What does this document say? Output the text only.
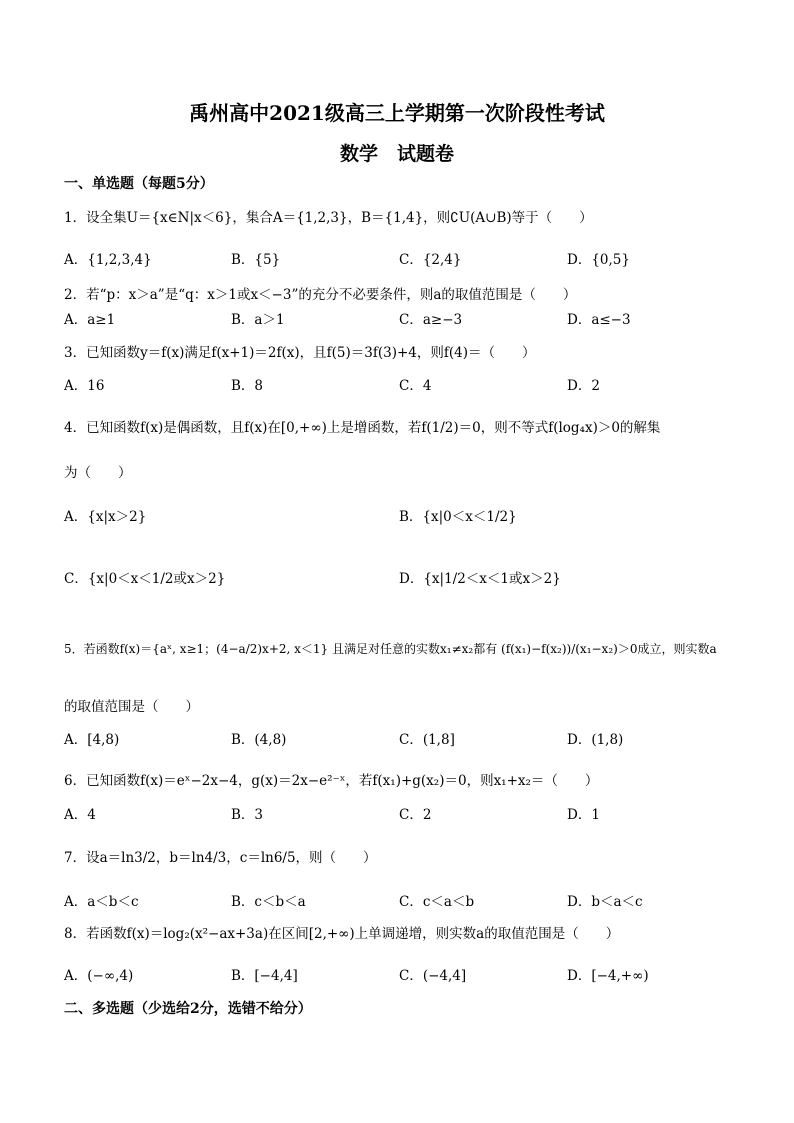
禹州高中2021级高三上学期第一次阶段性考试
数学　试题卷
一、单选题（每题5分）
1．设全集U＝{x∈N|x＜6}，集合A＝{1,2,3}，B＝{1,4}，则∁U(A∪B)等于（　　）
A．{1,2,3,4}	B．{5}	C．{2,4}	D．{0,5}
2．若“p：x＞a”是“q：x＞1或x＜−3”的充分不必要条件，则a的取值范围是（　　）
A．a≥1	B．a＞1	C．a≥−3	D．a≤−3
3．已知函数y＝f(x)满足f(x+1)＝2f(x)，且f(5)＝3f(3)+4，则f(4)＝（　　）
A．16	B．8	C．4	D．2
4．已知函数f(x)是偶函数，且f(x)在[0,+∞)上是增函数，若f(1/2)＝0，则不等式f(log₄x)＞0的解集
为（　　）
A．{x|x＞2}	B．{x|0＜x＜1/2}
C．{x|0＜x＜1/2或x＞2}	D．{x|1/2＜x＜1或x＞2}
5．若函数f(x)＝{aˣ, x≥1；(4−a/2)x+2, x＜1} 且满足对任意的实数x₁≠x₂都有 (f(x₁)−f(x₂))/(x₁−x₂)＞0成立，则实数a
的取值范围是（　　）
A．[4,8)	B．(4,8)	C．(1,8]	D．(1,8)
6．已知函数f(x)＝eˣ−2x−4，g(x)＝2x−e²⁻ˣ，若f(x₁)+g(x₂)＝0，则x₁+x₂＝（　　）
A．4	B．3	C．2	D．1
7．设a＝ln3/2，b＝ln4/3，c＝ln6/5，则（　　）
A．a＜b＜c	B．c＜b＜a	C．c＜a＜b	D．b＜a＜c
8．若函数f(x)＝log₂(x²−ax+3a)在区间[2,+∞)上单调递增，则实数a的取值范围是（　　）
A．(−∞,4)	B．[−4,4]	C．(−4,4]	D．[−4,+∞)
二、多选题（少选给2分，选错不给分）
